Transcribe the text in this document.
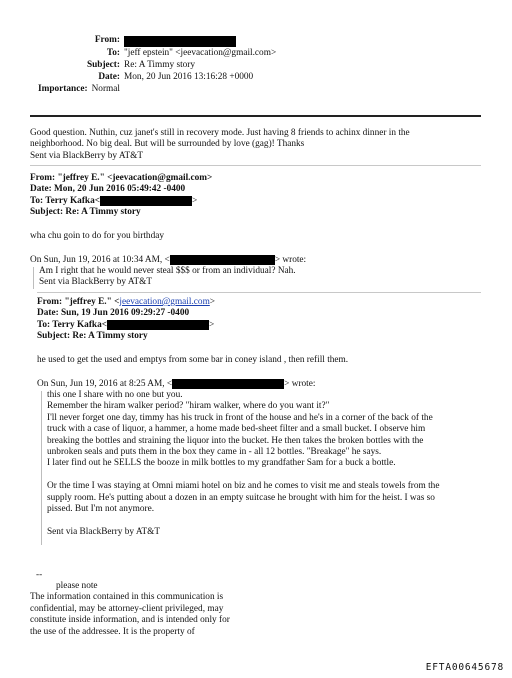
From:
To: "jeff epstein" <jeevacation@gmail.com>
Subject: Re: A Timmy story
Date: Mon, 20 Jun 2016 13:16:28 +0000
Importance: Normal
Good question. Nuthin, cuz janet's still in recovery mode. Just having 8 friends to achinx dinner in the
neighborhood. No big deal. But will be surrounded by love (gag)! Thanks
Sent via BlackBerry by AT&T
From: "jeffrey E." <jeevacation@gmail.com>
Date: Mon, 20 Jun 2016 05:49:42 -0400
To: Terry Kafka<	>
Subject: Re: A Timmy story
wha chu goin to do for you birthday
On Sun, Jun 19, 2016 at 10:34 AM, <	> wrote:
Am I right that he would never steal $$$ or from an individual? Nah.
Sent via BlackBerry by AT&T
From: "jeffrey E." <jeevacation@gmail.com>
Date: Sun, 19 Jun 2016 09:29:27 -0400
To: Terry Kafka<	>
Subject: Re: A Timmy story
he used to get the used and emptys from some bar in coney island , then refill them.
On Sun, Jun 19, 2016 at 8:25 AM, <	> wrote:
this one I share with no one but you.
Remember the hiram walker period? "hiram walker, where do you want it?"
I'll never forget one day, timmy has his truck in front of the house and he's in a corner of the back of the
truck with a case of liquor, a hammer, a home made bed-sheet filter and a small bucket. I observe him
breaking the bottles and straining the liquor into the bucket. He then takes the broken bottles with the
unbroken seals and puts them in the box they came in - all 12 bottles. "Breakage" he says.
I later find out he SELLS the booze in milk bottles to my grandfather Sam for a buck a bottle.
Or the time I was staying at Omni miami hotel on biz and he comes to visit me and steals towels from the
supply room. He's putting about a dozen in an empty suitcase he brought with him for the heist. I was so
pissed. But I'm not anymore.
Sent via BlackBerry by AT&T
--
please note
The information contained in this communication is
confidential, may be attorney-client privileged, may
constitute inside information, and is intended only for
the use of the addressee. It is the property of
EFTA00645678
